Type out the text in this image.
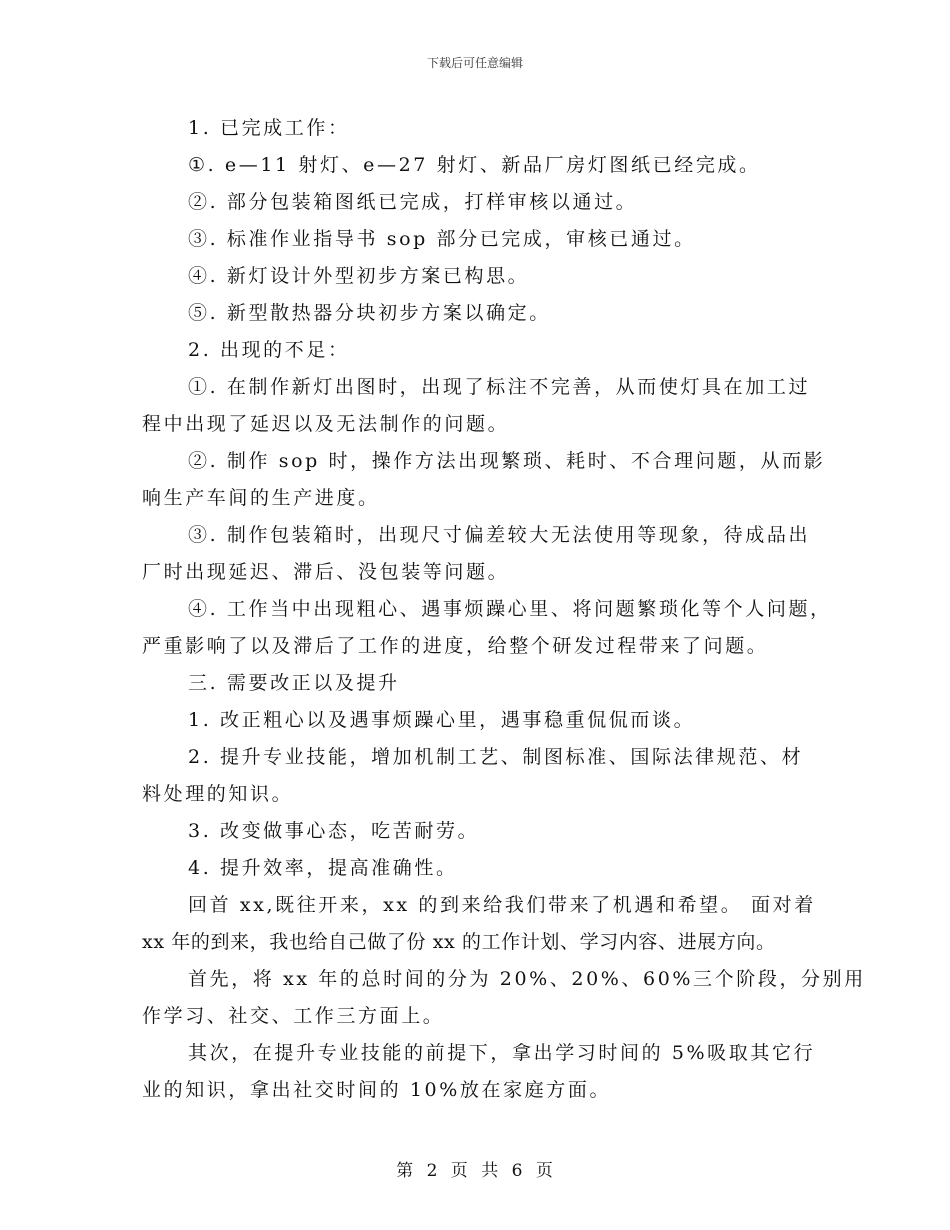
下载后可任意编辑
1. 已完成工作：
①. e—11 射灯、e—27 射灯、新品厂房灯图纸已经完成。
②. 部分包装箱图纸已完成，打样审核以通过。
③. 标准作业指导书 sop 部分已完成，审核已通过。
④. 新灯设计外型初步方案已构思。
⑤. 新型散热器分块初步方案以确定。
2. 出现的不足：
①. 在制作新灯出图时，出现了标注不完善，从而使灯具在加工过
程中出现了延迟以及无法制作的问题。
②. 制作 sop 时，操作方法出现繁琐、耗时、不合理问题，从而影
响生产车间的生产进度。
③. 制作包装箱时，出现尺寸偏差较大无法使用等现象，待成品出
厂时出现延迟、滞后、没包装等问题。
④. 工作当中出现粗心、遇事烦躁心里、将问题繁琐化等个人问题，
严重影响了以及滞后了工作的进度，给整个研发过程带来了问题。
三. 需要改正以及提升
1. 改正粗心以及遇事烦躁心里，遇事稳重侃侃而谈。
2. 提升专业技能，增加机制工艺、制图标准、国际法律规范、材
料处理的知识。
3. 改变做事心态，吃苦耐劳。
4. 提升效率，提高准确性。
回首 xx,既往开来，xx 的到来给我们带来了机遇和希望。 面对着
xx 年的到来，我也给自己做了份 xx 的工作计划、学习内容、进展方向。
首先，将 xx 年的总时间的分为 20%、20%、60%三个阶段，分别用
作学习、社交、工作三方面上。
其次，在提升专业技能的前提下，拿出学习时间的 5%吸取其它行
业的知识，拿出社交时间的 10%放在家庭方面。
第 2 页 共 6 页
